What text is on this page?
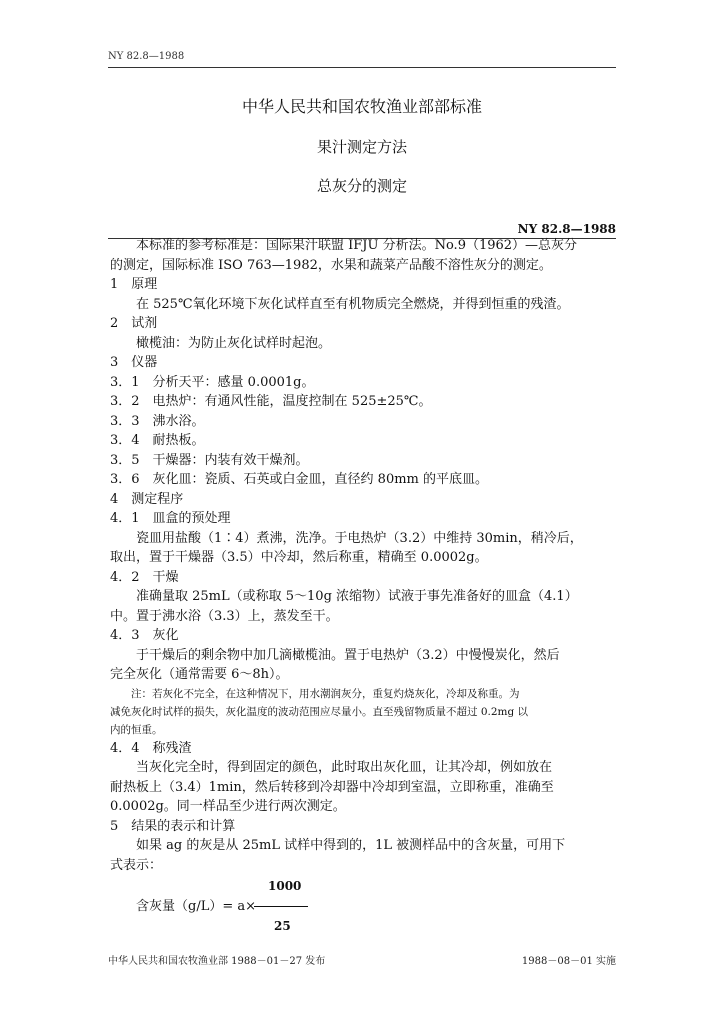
NY 82.8—1988
中华人民共和国农牧渔业部部标准
果汁测定方法
总灰分的测定
NY 82.8—1988

本标准的参考标准是：国际果汁联盟 IFJU 分析法。No.9（1962）—总灰分

的测定，国际标准 ISO 763—1982，水果和蔬菜产品酸不溶性灰分的测定。

1　原理

在 525℃氧化环境下灰化试样直至有机物质完全燃烧，并得到恒重的残渣。

2　试剂

橄榄油：为防止灰化试样时起泡。

3　仪器

3．1　分析天平：感量 0.0001g。

3．2　电热炉：有通风性能，温度控制在 525±25℃。

3．3　沸水浴。

3．4　耐热板。

3．5　干燥器：内装有效干燥剂。

3．6　灰化皿：瓷质、石英或白金皿，直径约 80mm 的平底皿。

4　测定程序

4．1　皿盒的预处理

瓷皿用盐酸（1∶4）煮沸，洗净。于电热炉（3.2）中维持 30min，稍冷后，

取出，置于干燥器（3.5）中冷却，然后称重，精确至 0.0002g。

4．2　干燥

准确量取 25mL（或称取 5～10g 浓缩物）试液于事先准备好的皿盒（4.1）

中。置于沸水浴（3.3）上，蒸发至干。

4．3　灰化

于干燥后的剩余物中加几滴橄榄油。置于电热炉（3.2）中慢慢炭化，然后

完全灰化（通常需要 6～8h）。

注：若灰化不完全，在这种情况下，用水潮润灰分，重复灼烧灰化，冷却及称重。为

减免灰化时试样的损失，灰化温度的波动范围应尽量小。直至残留物质量不超过 0.2mg 以

内的恒重。

4．4　称残渣

当灰化完全时，得到固定的颜色，此时取出灰化皿，让其冷却，例如放在

耐热板上（3.4）1min，然后转移到冷却器中冷却到室温，立即称重，准确至

0.0002g。同一样品至少进行两次测定。

5　结果的表示和计算

如果 ag 的灰是从 25mL 试样中得到的，1L 被测样品中的含灰量，可用下

式表示：

1000
含灰量（g/L）= a×
25
中华人民共和国农牧渔业部 1988－01－27 发布	1988－08－01 实施
